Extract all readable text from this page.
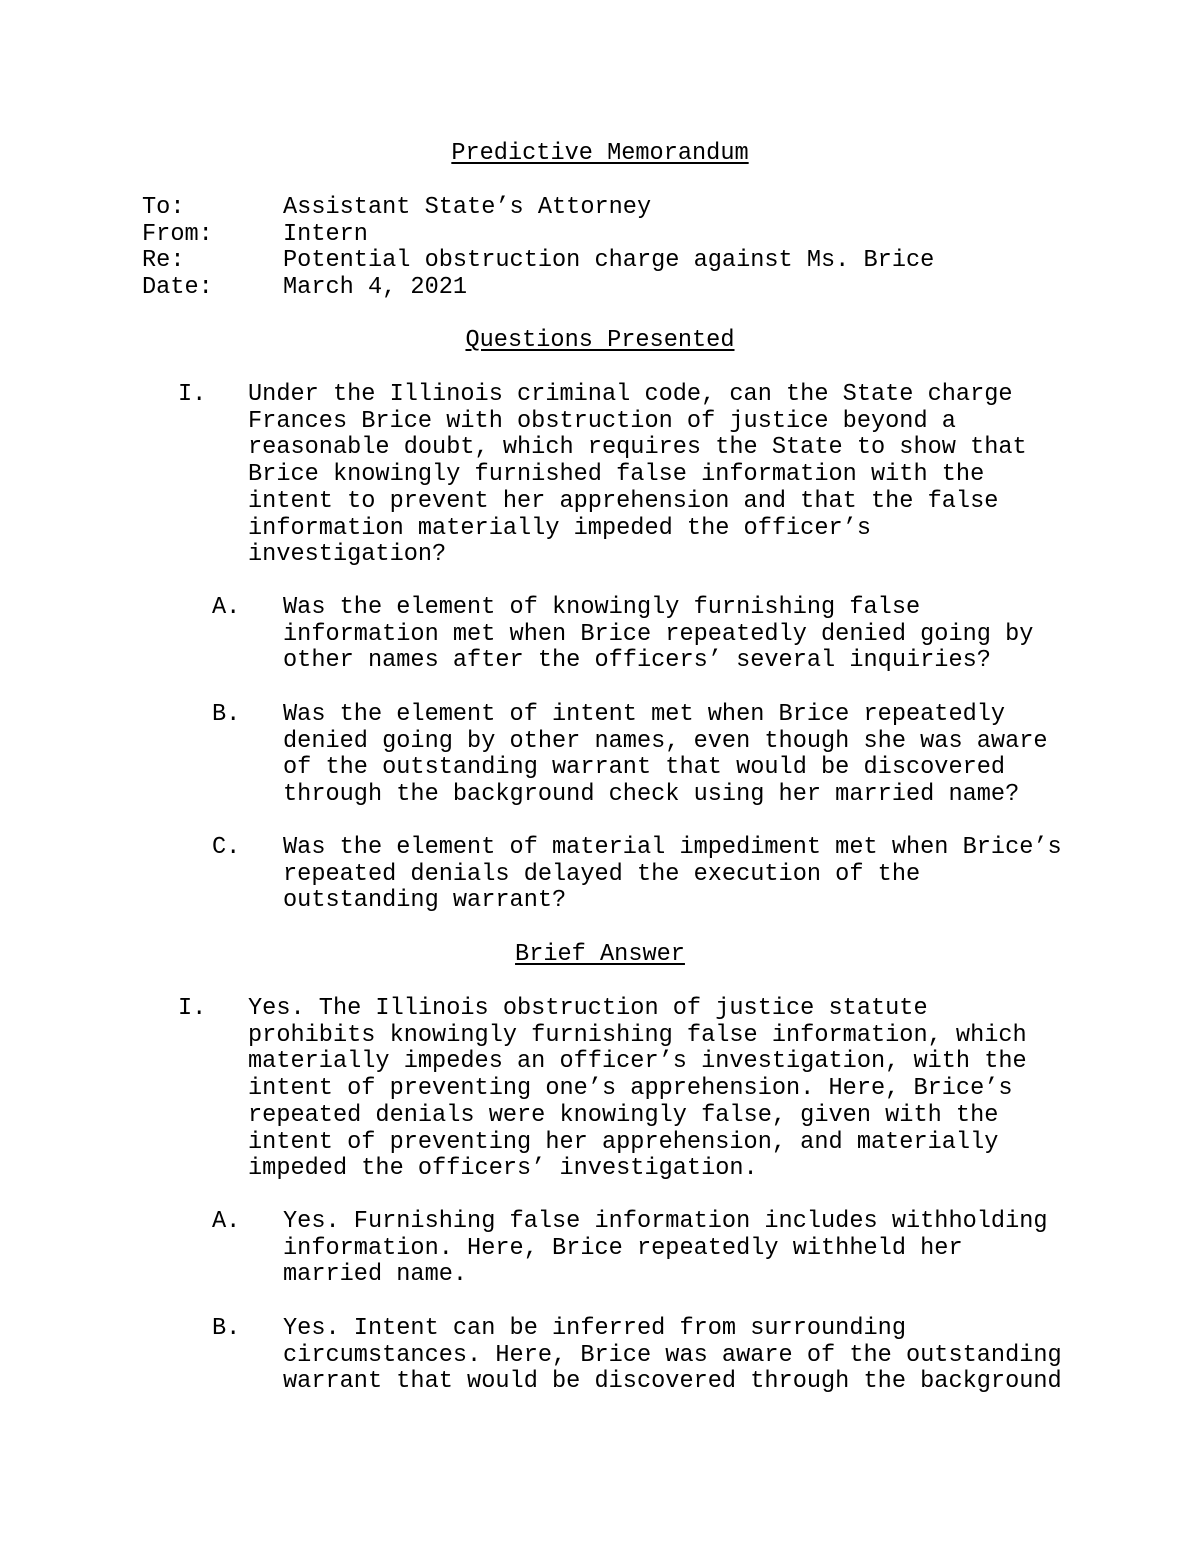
Predictive Memorandum
To:	Assistant State’s Attorney
From:	Intern
Re:	Potential obstruction charge against Ms. Brice
Date:	March 4, 2021
Questions Presented
I. Under the Illinois criminal code, can the State charge
Frances Brice with obstruction of justice beyond a
reasonable doubt, which requires the State to show that
Brice knowingly furnished false information with the
intent to prevent her apprehension and that the false
information materially impeded the officer’s
investigation?
A. Was the element of knowingly furnishing false
information met when Brice repeatedly denied going by
other names after the officers’ several inquiries?
B. Was the element of intent met when Brice repeatedly
denied going by other names, even though she was aware
of the outstanding warrant that would be discovered
through the background check using her married name?
C. Was the element of material impediment met when Brice’s
repeated denials delayed the execution of the
outstanding warrant?
Brief Answer
I. Yes. The Illinois obstruction of justice statute
prohibits knowingly furnishing false information, which
materially impedes an officer’s investigation, with the
intent of preventing one’s apprehension. Here, Brice’s
repeated denials were knowingly false, given with the
intent of preventing her apprehension, and materially
impeded the officers’ investigation.
A. Yes. Furnishing false information includes withholding
information. Here, Brice repeatedly withheld her
married name.
B. Yes. Intent can be inferred from surrounding
circumstances. Here, Brice was aware of the outstanding
warrant that would be discovered through the background
